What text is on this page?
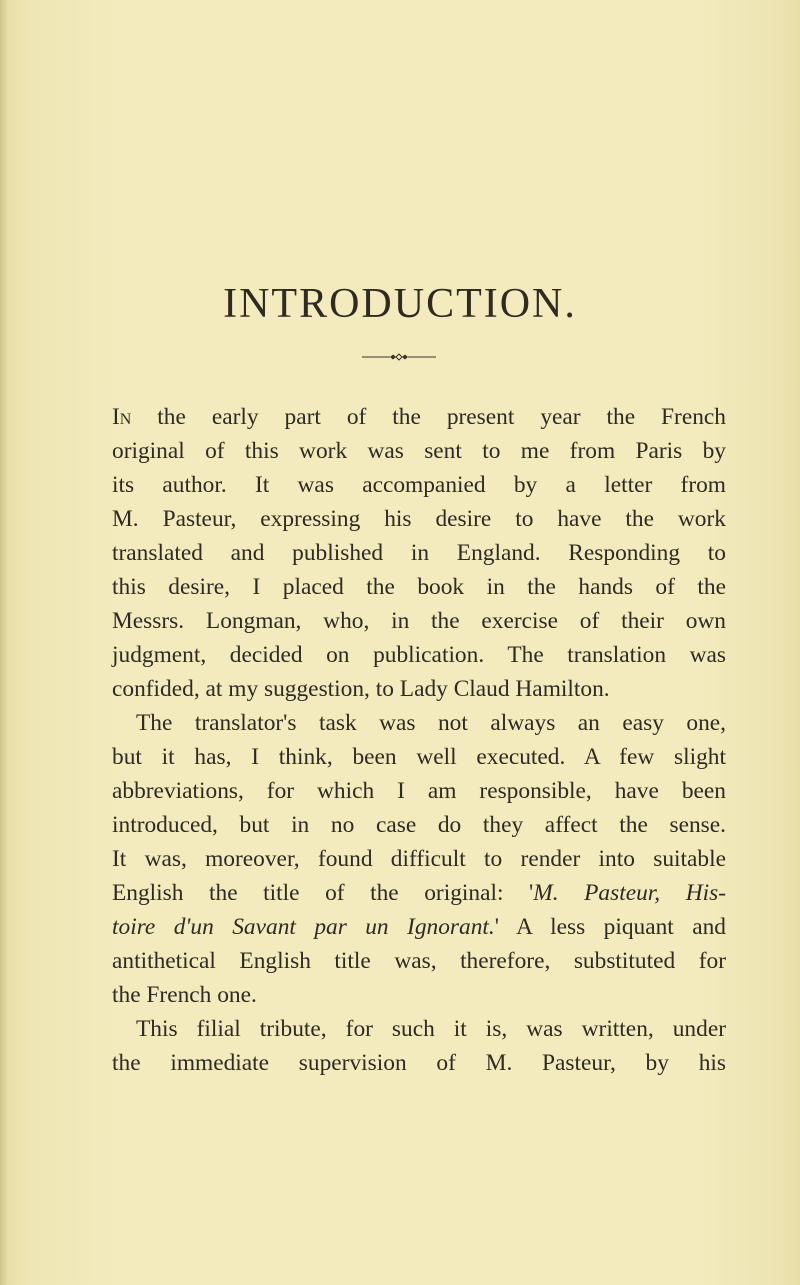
INTRODUCTION.
In the early part of the present year the French
original of this work was sent to me from Paris by
its author. It was accompanied by a letter from
M. Pasteur, expressing his desire to have the work
translated and published in England. Responding to
this desire, I placed the book in the hands of the
Messrs. Longman, who, in the exercise of their own
judgment, decided on publication. The translation was
confided, at my suggestion, to Lady Claud Hamilton.
The translator's task was not always an easy one,
but it has, I think, been well executed. A few slight
abbreviations, for which I am responsible, have been
introduced, but in no case do they affect the sense.
It was, moreover, found difficult to render into suitable
English the title of the original: 'M. Pasteur, His-
toire d'un Savant par un Ignorant.' A less piquant and
antithetical English title was, therefore, substituted for
the French one.
This filial tribute, for such it is, was written, under
the immediate supervision of M. Pasteur, by his
